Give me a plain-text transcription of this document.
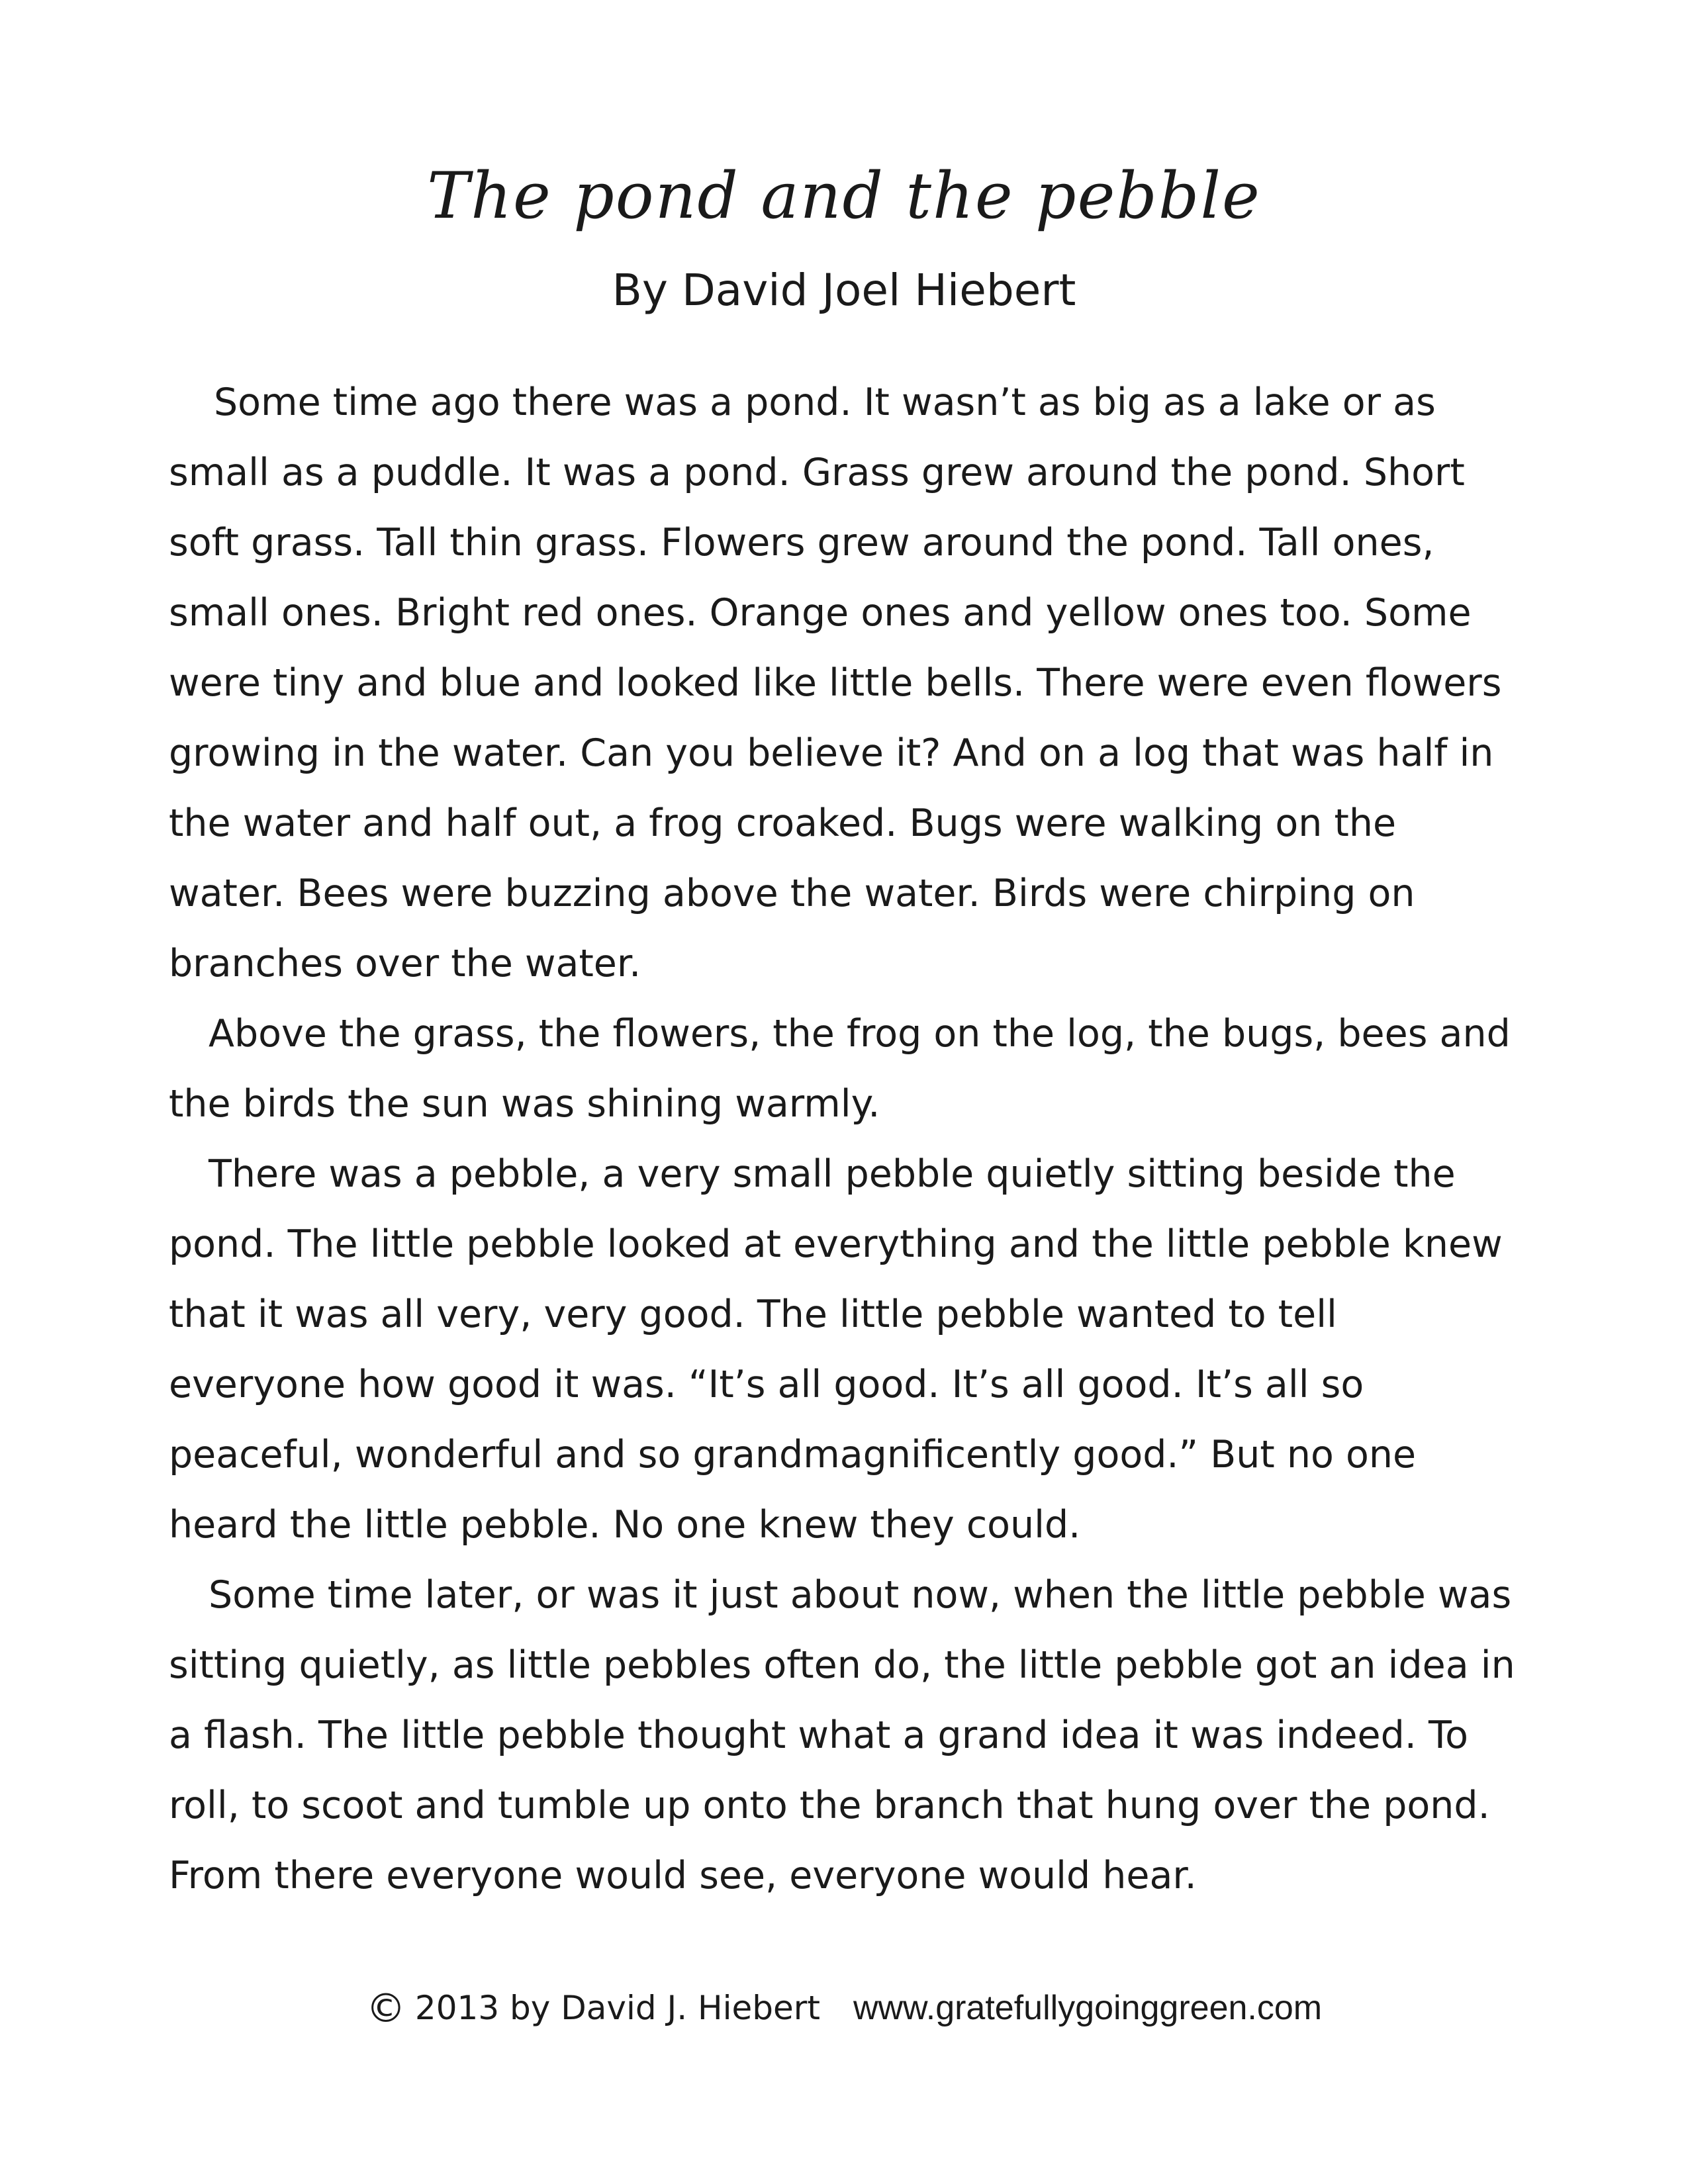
The pond and the pebble
By David Joel Hiebert

Some time ago there was a pond. It wasn’t as big as a lake or as small as a puddle. It was a pond. Grass grew around the pond. Short soft grass. Tall thin grass. Flowers grew around the pond. Tall ones, small ones. Bright red ones. Orange ones and yellow ones too. Some were tiny and blue and looked like little bells. There were even flowers growing in the water. Can you believe it? And on a log that was half in the water and half out, a frog croaked. Bugs were walking on the water. Bees were buzzing above the water. Birds were chirping on branches over the water.

Above the grass, the flowers, the frog on the log, the bugs, bees and the birds the sun was shining warmly.

There was a pebble, a very small pebble quietly sitting beside the pond. The little pebble looked at everything and the little pebble knew that it was all very, very good. The little pebble wanted to tell everyone how good it was. “It’s all good. It’s all good. It’s all so peaceful, wonderful and so grandmagnificently good.” But no one heard the little pebble. No one knew they could.

Some time later, or was it just about now, when the little pebble was sitting quietly, as little pebbles often do, the little pebble got an idea in a flash. The little pebble thought what a grand idea it was indeed. To roll, to scoot and tumble up onto the branch that hung over the pond. From there everyone would see, everyone would hear.

© 2013 by David J. Hiebert www.gratefullygoinggreen.com
